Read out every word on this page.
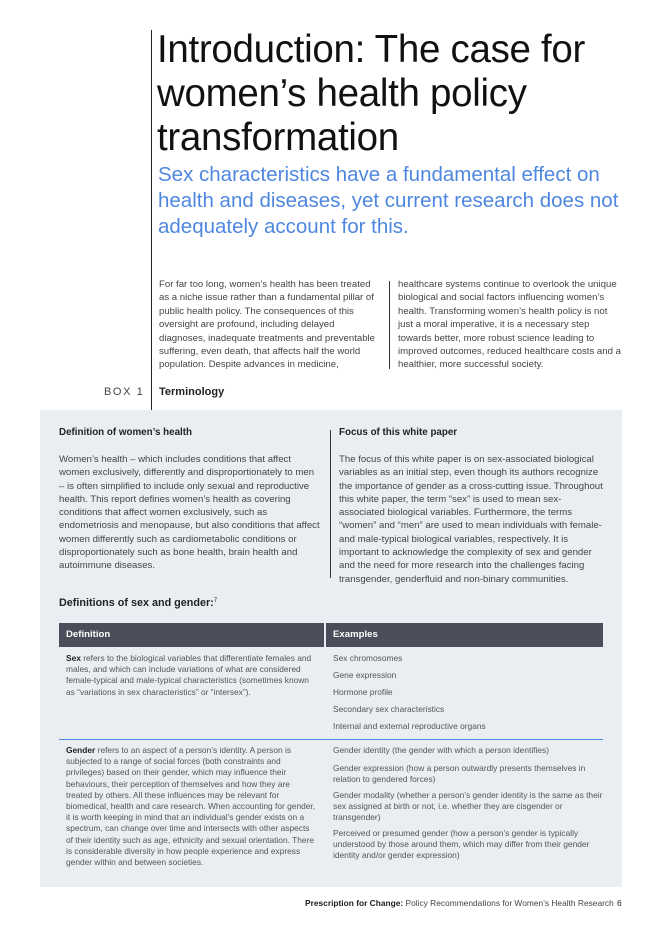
Introduction: The case for women’s health policy transformation
Sex characteristics have a fundamental effect on health and diseases, yet current research does not adequately account for this.
For far too long, women’s health has been treated as a niche issue rather than a fundamental pillar of public health policy. The consequences of this oversight are profound, including delayed diagnoses, inadequate treatments and preventable suffering, even death, that affects half the world population. Despite advances in medicine,
healthcare systems continue to overlook the unique biological and social factors influencing women’s health. Transforming women’s health policy is not just a moral imperative, it is a necessary step towards better, more robust science leading to improved outcomes, reduced healthcare costs and a healthier, more successful society.
BOX 1 Terminology
Definition of women’s health
Women’s health – which includes conditions that affect women exclusively, differently and disproportionately to men – is often simplified to include only sexual and reproductive health. This report defines women’s health as covering conditions that affect women exclusively, such as endometriosis and menopause, but also conditions that affect women differently such as cardiometabolic conditions or disproportionately such as bone health, brain health and autoimmune diseases.
Focus of this white paper
The focus of this white paper is on sex-associated biological variables as an initial step, even though its authors recognize the importance of gender as a cross-cutting issue. Throughout this white paper, the term “sex” is used to mean sex-associated biological variables. Furthermore, the terms “women” and “men” are used to mean individuals with female- and male-typical biological variables, respectively. It is important to acknowledge the complexity of sex and gender and the need for more research into the challenges facing transgender, genderfluid and non-binary communities.
Definitions of sex and gender:$^7$
Definition	Examples
Sex refers to the biological variables that differentiate females and males, and which can include variations of what are considered female-typical and male-typical characteristics (sometimes known as “variations in sex characteristics” or “intersex”).
Sex chromosomes
Gene expression
Hormone profile
Secondary sex characteristics
Internal and external reproductive organs
Gender refers to an aspect of a person’s identity. A person is subjected to a range of social forces (both constraints and privileges) based on their gender, which may influence their behaviours, their perception of themselves and how they are treated by others. All these influences may be relevant for biomedical, health and care research. When accounting for gender, it is worth keeping in mind that an individual’s gender exists on a spectrum, can change over time and intersects with other aspects of their identity such as age, ethnicity and sexual orientation. There is considerable diversity in how people experience and express gender within and between societies.
Gender identity (the gender with which a person identifies)
Gender expression (how a person outwardly presents themselves in relation to gendered forces)
Gender modality (whether a person’s gender identity is the same as their sex assigned at birth or not, i.e. whether they are cisgender or transgender)
Perceived or presumed gender (how a person’s gender is typically understood by those around them, which may differ from their gender identity and/or gender expression)
Prescription for Change: Policy Recommendations for Women’s Health Research 6
